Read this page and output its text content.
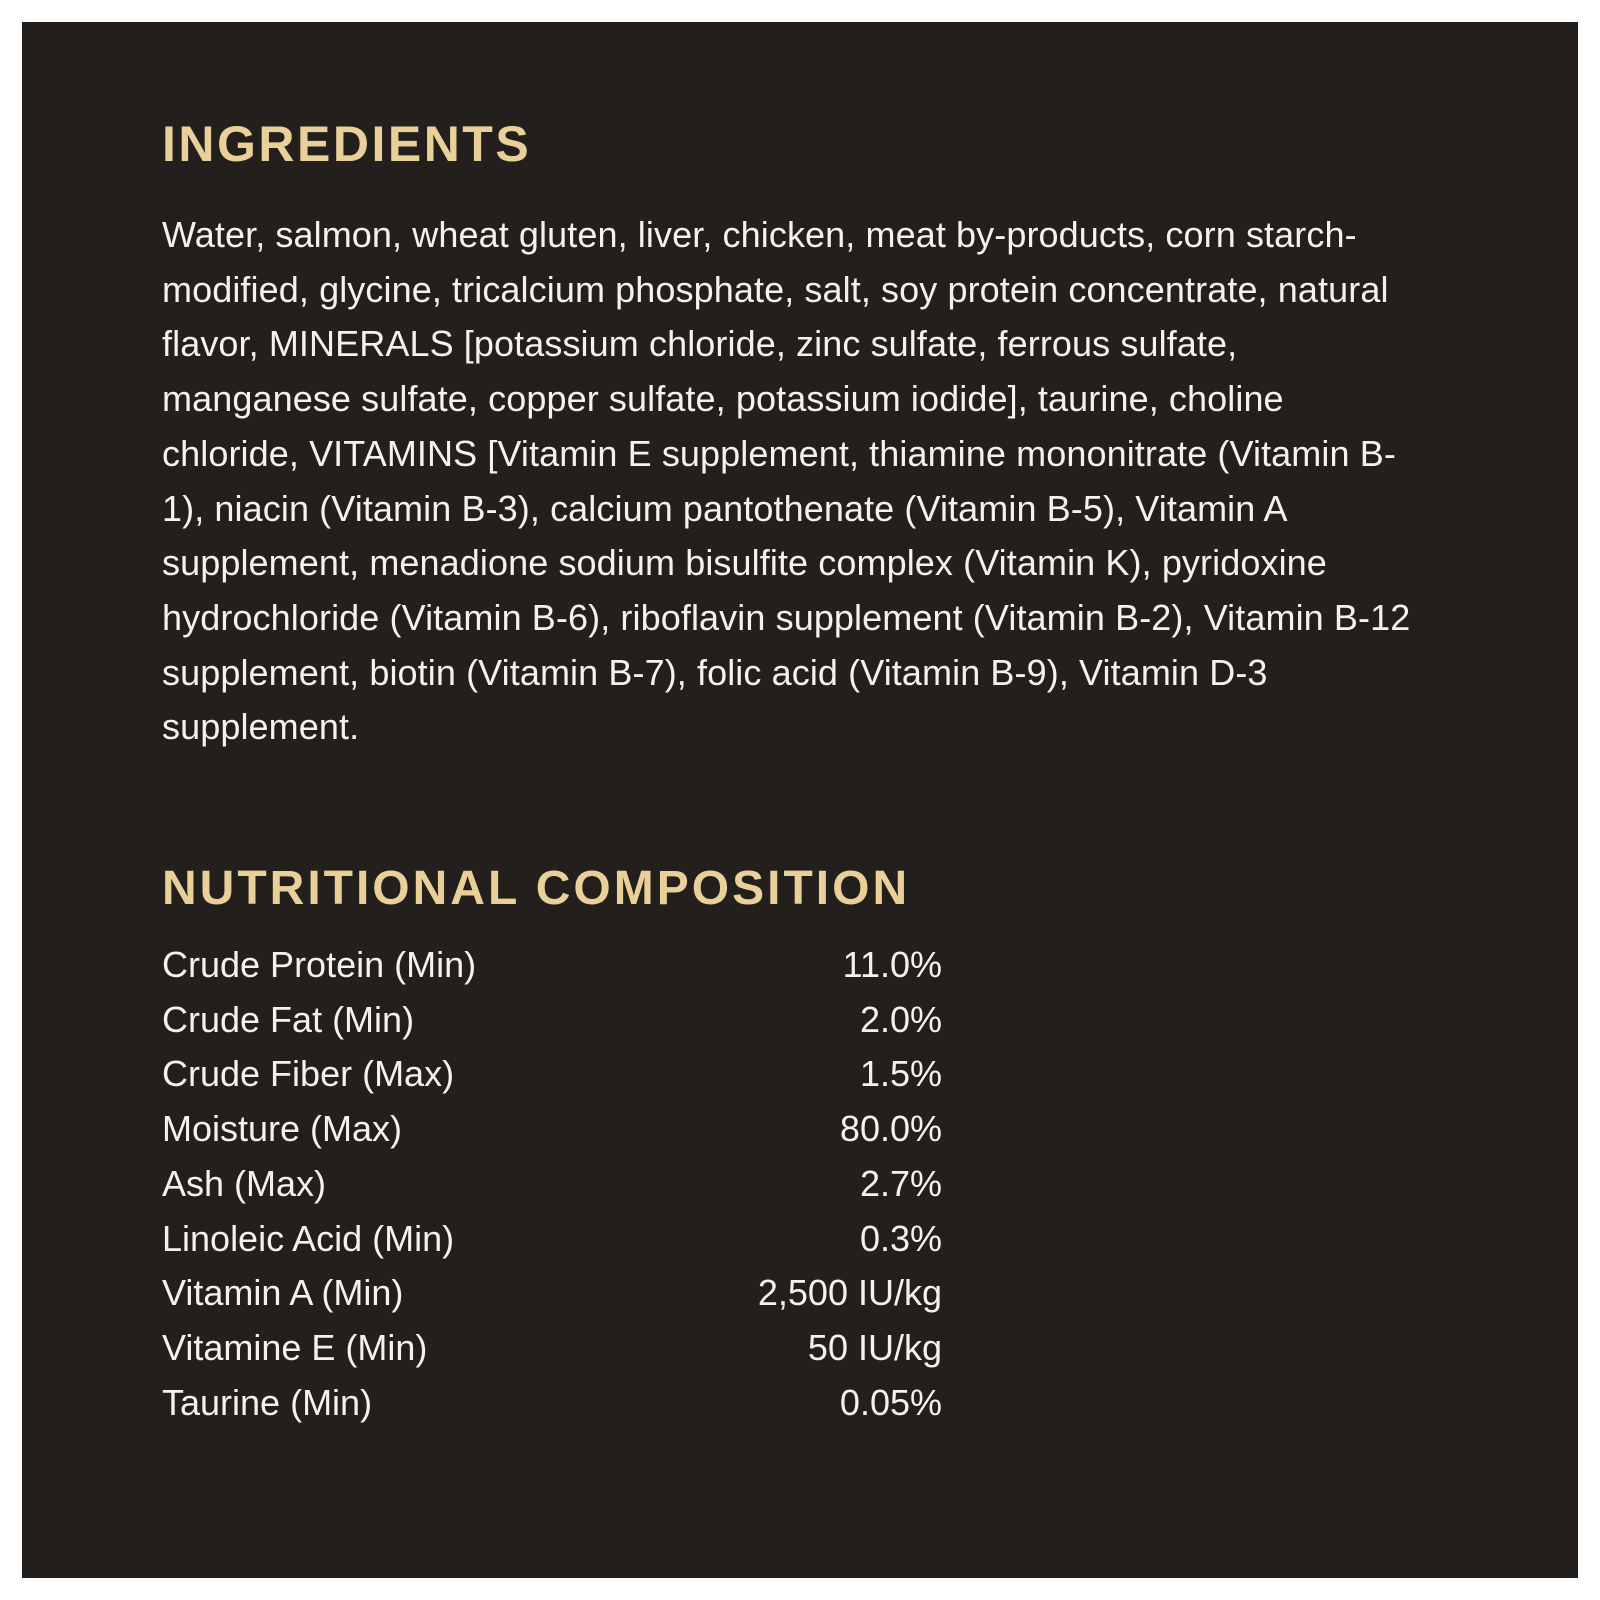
INGREDIENTS

Water, salmon, wheat gluten, liver, chicken, meat by-products, corn starch-modified, glycine, tricalcium phosphate, salt, soy protein concentrate, natural flavor, MINERALS [potassium chloride, zinc sulfate, ferrous sulfate, manganese sulfate, copper sulfate, potassium iodide], taurine, choline chloride, VITAMINS [Vitamin E supplement, thiamine mononitrate (Vitamin B-1), niacin (Vitamin B-3), calcium pantothenate (Vitamin B-5), Vitamin A supplement, menadione sodium bisulfite complex (Vitamin K), pyridoxine hydrochloride (Vitamin B-6), riboflavin supplement (Vitamin B-2), Vitamin B-12 supplement, biotin (Vitamin B-7), folic acid (Vitamin B-9), Vitamin D-3 supplement.

NUTRITIONAL COMPOSITION
Crude Protein (Min)	11.0%
Crude Fat (Min)	2.0%
Crude Fiber (Max)	1.5%
Moisture (Max)	80.0%
Ash (Max)	2.7%
Linoleic Acid (Min)	0.3%
Vitamin A (Min)	2,500 IU/kg
Vitamine E (Min)	50 IU/kg
Taurine (Min)	0.05%
